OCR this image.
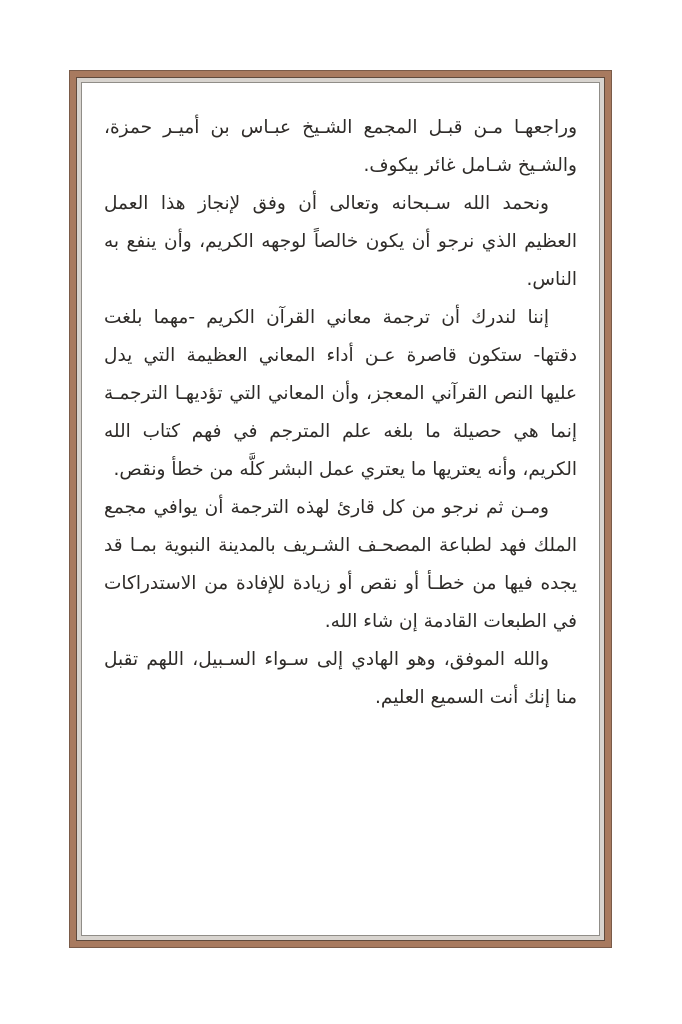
وراجعهـا مـن قبـل المجمع الشـيخ عبـاس بن أميـر حمزة، والشـيخ شـامل غائر بيكوف.

ونحمد الله سـبحانه وتعالى أن وفق لإنجاز هذا العمل العظيم الذي نرجو أن يكون خالصاً لوجهه الكريم، وأن ينفع به الناس.

إننا لندرك أن ترجمة معاني القرآن الكريم -مهما بلغت دقتها- ستكون قاصرة عـن أداء المعاني العظيمة التي يدل عليها النص القرآني المعجز، وأن المعاني التي تؤديهـا الترجمـة إنما هي حصيلة ما بلغه علم المترجم في فهم كتاب الله الكريم، وأنه يعتريها ما يعتري عمل البشر كلَّه من خطأ ونقص.

ومـن ثم نرجو من كل قارئ لهذه الترجمة أن يوافي مجمع الملك فهد لطباعة المصحـف الشـريف بالمدينة النبوية بمـا قد يجده فيها من خطـأ أو نقص أو زيادة للإفادة من الاستدراكات في الطبعات القادمة إن شاء الله.

والله الموفق، وهو الهادي إلى سـواء السـبيل، اللهم تقبل منا إنك أنت السميع العليم.
